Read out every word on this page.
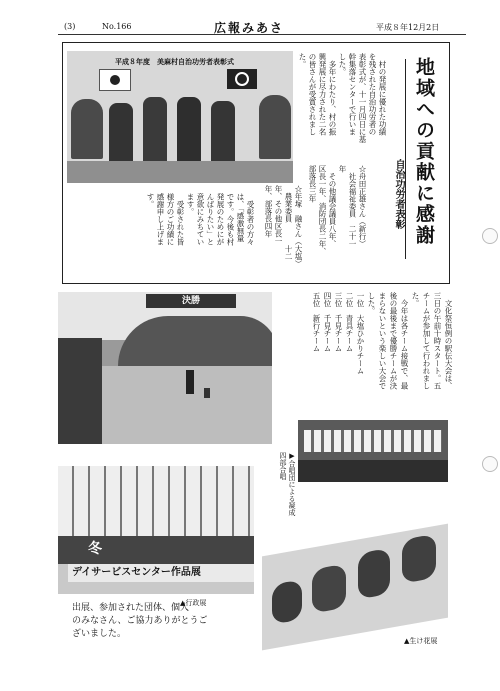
(3)	No.166	広報みあさ	平成８年12月2日
平成８年度　美麻村自治功労者表彰式	地域への貢献に感謝
自治功労者表彰
　村の発展に優れた功績
を残された自治功労者の
表彰式が、十一月四日に基
幹集落センターで行いま
した。
　多年にわたり、村の振
興発展に尽力された二名
の皆さんが受賞されまし
た。
☆舟田正雄さん（新行）
　社会福祉委員　二十一
年
　その他議会議員八年、
区長一年、消防団長二年、
部落長三年
☆年塚　融さん（大塩）
　農業委員　　　十二
年、その他区長一
年、部落長四年
　受彰者の方々
は、「感激無量
です。今後も村
発展のためにが
んばりたい」と
意欲にみちてい
ます。
　受彰された皆
様方のご功績に
感謝申し上げま
す。
決勝	　文化祭恒例の駅伝大会は、
三日の午前十時スタート。五
チームが参加して行われまし
た。
　今年は各チーム接戦で、最
後の最後まで優勝チームが決
まらないという楽しい大会で
した。
一位　大塩ひかりチーム
二位　青具チーム
三位　千見チーム
四位　千見チーム
五位　新行チーム
▶合唱団による凝成四部合唱
冬
デイサービスセンター作品展
▲行政展
▲生け花展
出展、参加された団体、個人
のみなさん、ご協力ありがとうご
ざいました。
